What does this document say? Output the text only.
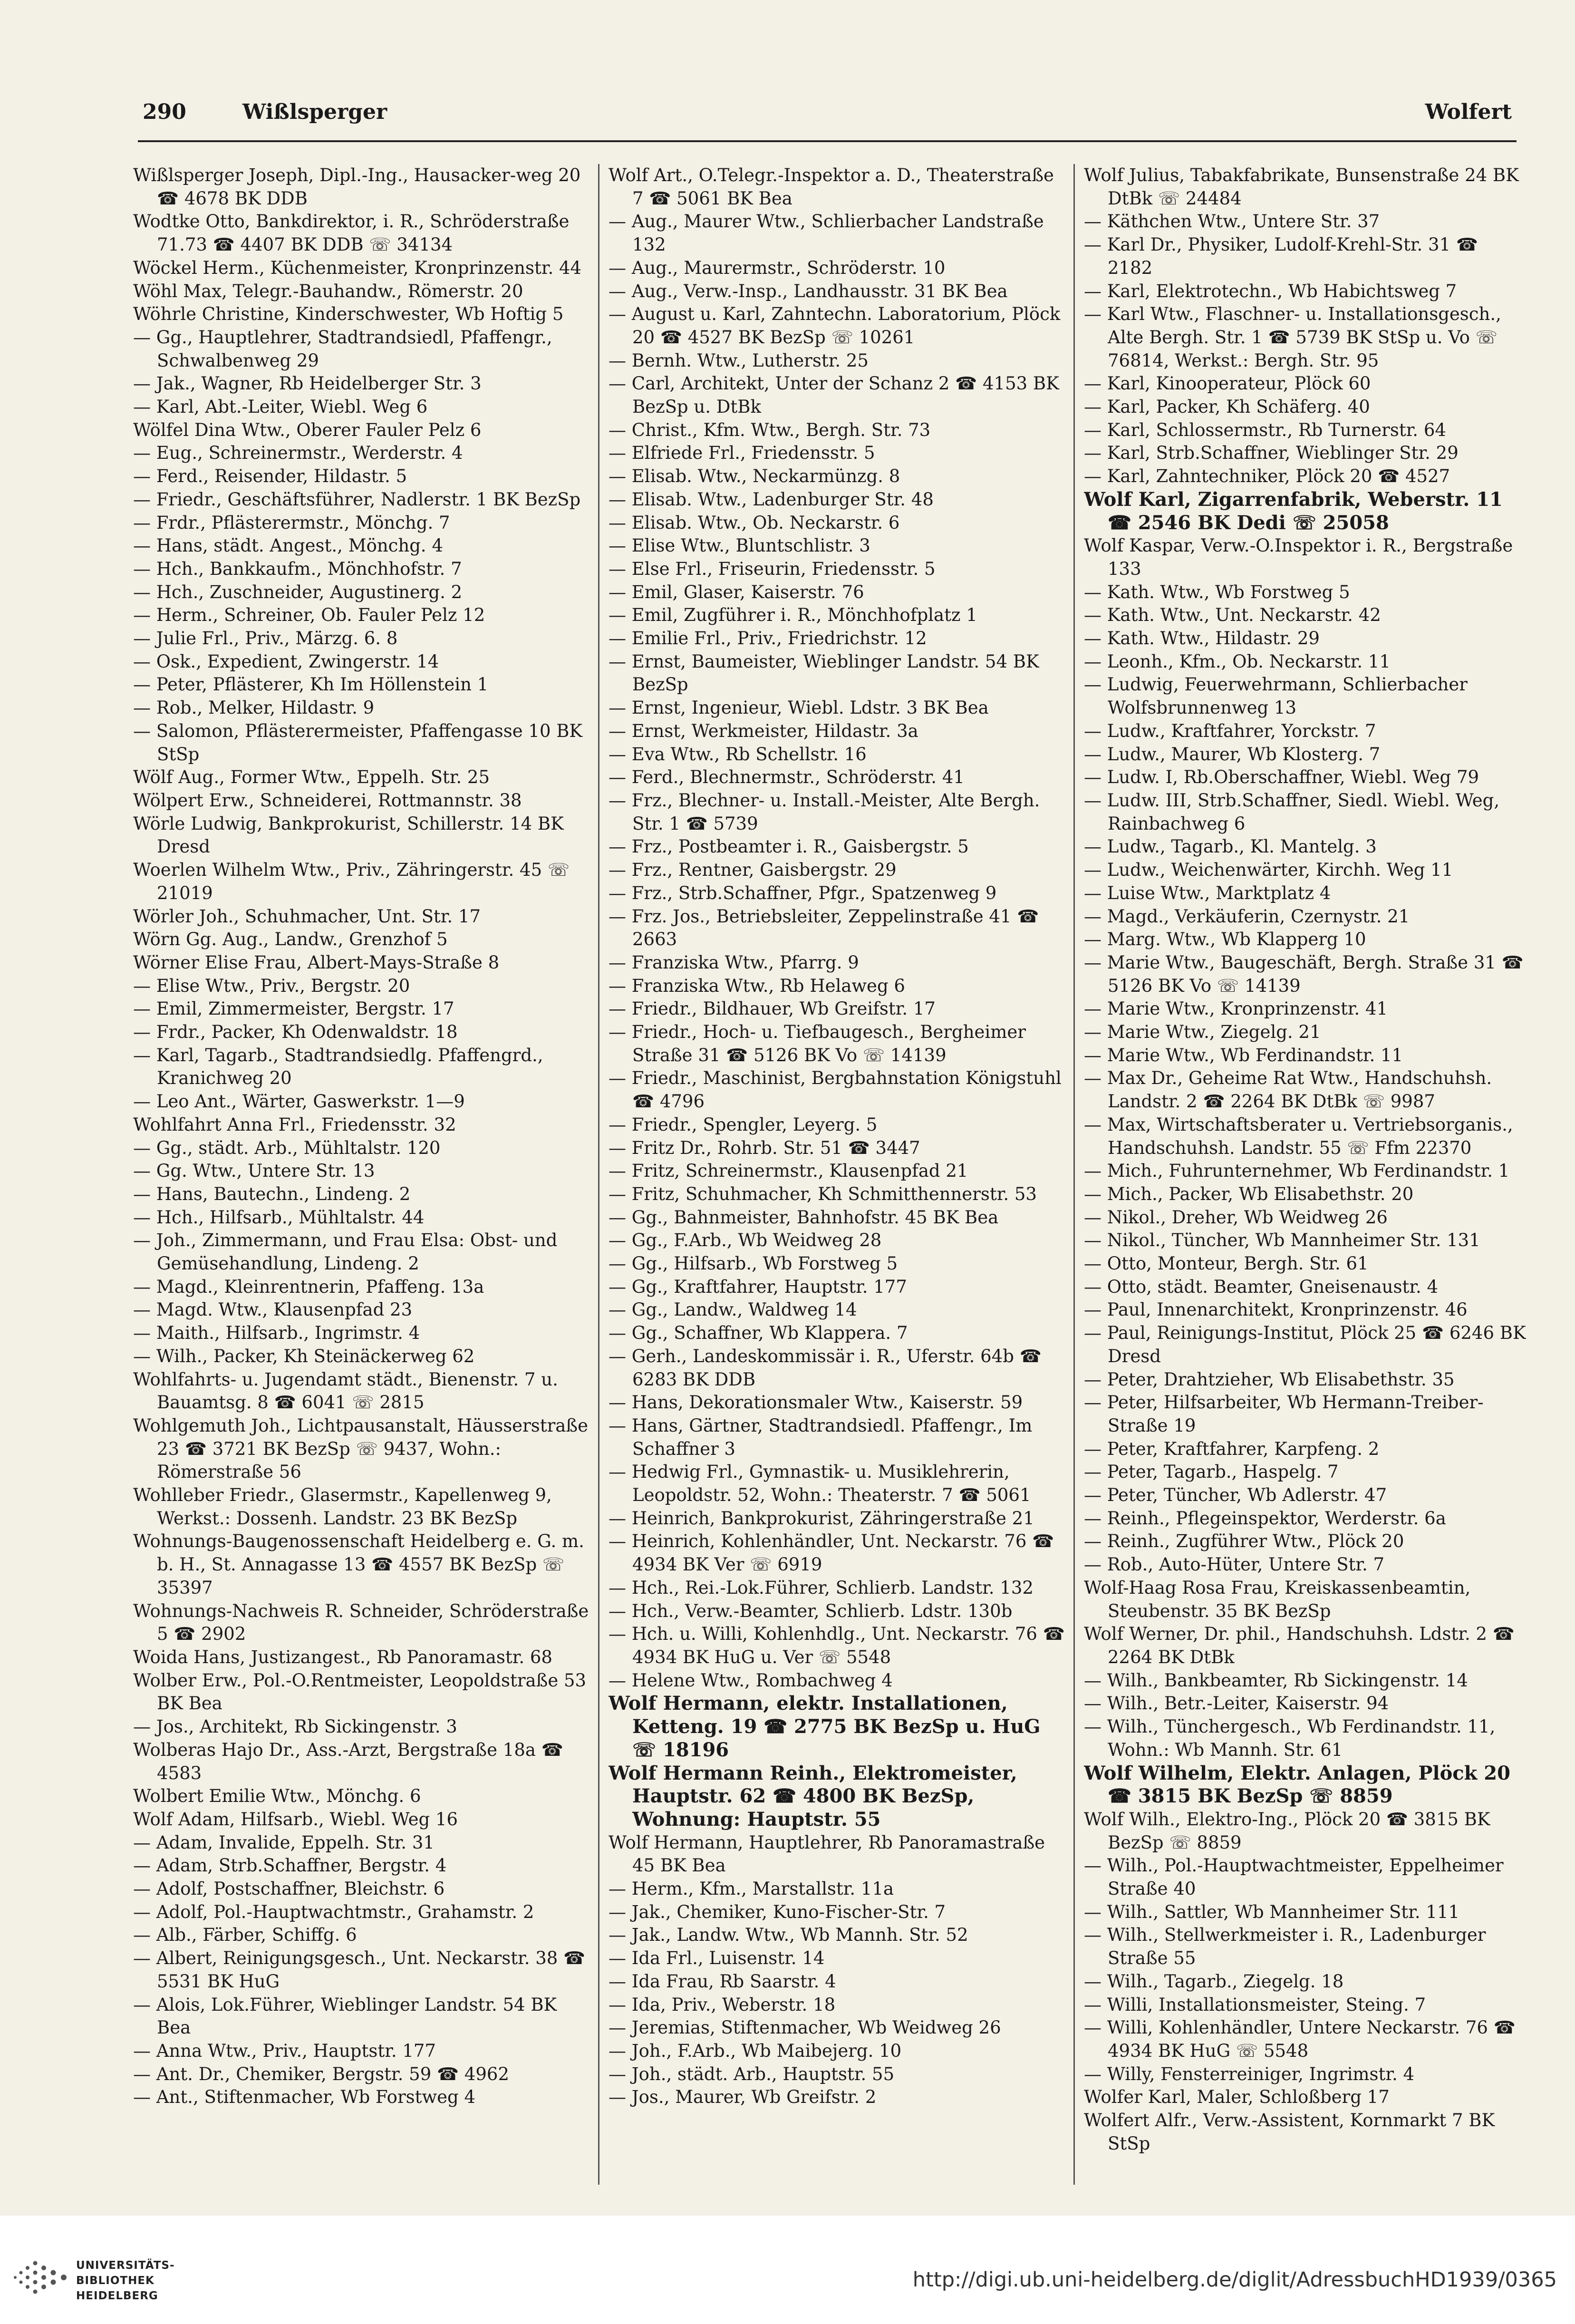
290	Wißlsperger	Wolfert

Wißlsperger Joseph, Dipl.-Ing., Hausacker-weg 20 ☎ 4678 BK DDB

Wodtke Otto, Bankdirektor, i. R., Schröderstraße 71.73 ☎ 4407 BK DDB ☏ 34134

Wöckel Herm., Küchenmeister, Kronprinzenstr. 44

Wöhl Max, Telegr.-Bauhandw., Römerstr. 20

Wöhrle Christine, Kinderschwester, Wb Hoftig 5

— Gg., Hauptlehrer, Stadtrandsiedl, Pfaffengr., Schwalbenweg 29

— Jak., Wagner, Rb Heidelberger Str. 3

— Karl, Abt.-Leiter, Wiebl. Weg 6

Wölfel Dina Wtw., Oberer Fauler Pelz 6

— Eug., Schreinermstr., Werderstr. 4

— Ferd., Reisender, Hildastr. 5

— Friedr., Geschäftsführer, Nadlerstr. 1 BK BezSp

— Frdr., Pflästerermstr., Mönchg. 7

— Hans, städt. Angest., Mönchg. 4

— Hch., Bankkaufm., Mönchhofstr. 7

— Hch., Zuschneider, Augustinerg. 2

— Herm., Schreiner, Ob. Fauler Pelz 12

— Julie Frl., Priv., Märzg. 6. 8

— Osk., Expedient, Zwingerstr. 14

— Peter, Pflästerer, Kh Im Höllenstein 1

— Rob., Melker, Hildastr. 9

— Salomon, Pflästerermeister, Pfaffengasse 10 BK StSp

Wölf Aug., Former Wtw., Eppelh. Str. 25

Wölpert Erw., Schneiderei, Rottmannstr. 38

Wörle Ludwig, Bankprokurist, Schillerstr. 14 BK Dresd

Woerlen Wilhelm Wtw., Priv., Zähringerstr. 45 ☏ 21019

Wörler Joh., Schuhmacher, Unt. Str. 17

Wörn Gg. Aug., Landw., Grenzhof 5

Wörner Elise Frau, Albert-Mays-Straße 8

— Elise Wtw., Priv., Bergstr. 20

— Emil, Zimmermeister, Bergstr. 17

— Frdr., Packer, Kh Odenwaldstr. 18

— Karl, Tagarb., Stadtrandsiedlg. Pfaffengrd., Kranichweg 20

— Leo Ant., Wärter, Gaswerkstr. 1—9

Wohlfahrt Anna Frl., Friedensstr. 32

— Gg., städt. Arb., Mühltalstr. 120

— Gg. Wtw., Untere Str. 13

— Hans, Bautechn., Lindeng. 2

— Hch., Hilfsarb., Mühltalstr. 44

— Joh., Zimmermann, und Frau Elsa: Obst- und Gemüsehandlung, Lindeng. 2

— Magd., Kleinrentnerin, Pfaffeng. 13a

— Magd. Wtw., Klausenpfad 23

— Maith., Hilfsarb., Ingrimstr. 4

— Wilh., Packer, Kh Steinäckerweg 62

Wohlfahrts- u. Jugendamt städt., Bienenstr. 7 u. Bauamtsg. 8 ☎ 6041 ☏ 2815

Wohlgemuth Joh., Lichtpausanstalt, Häusserstraße 23 ☎ 3721 BK BezSp ☏ 9437, Wohn.: Römerstraße 56

Wohlleber Friedr., Glasermstr., Kapellenweg 9, Werkst.: Dossenh. Landstr. 23 BK BezSp

Wohnungs-Baugenossenschaft Heidelberg e. G. m. b. H., St. Annagasse 13 ☎ 4557 BK BezSp ☏ 35397

Wohnungs-Nachweis R. Schneider, Schröderstraße 5 ☎ 2902

Woida Hans, Justizangest., Rb Panoramastr. 68

Wolber Erw., Pol.-O.Rentmeister, Leopoldstraße 53 BK Bea

— Jos., Architekt, Rb Sickingenstr. 3

Wolberas Hajo Dr., Ass.-Arzt, Bergstraße 18a ☎ 4583

Wolbert Emilie Wtw., Mönchg. 6

Wolf Adam, Hilfsarb., Wiebl. Weg 16

— Adam, Invalide, Eppelh. Str. 31

— Adam, Strb.Schaffner, Bergstr. 4

— Adolf, Postschaffner, Bleichstr. 6

— Adolf, Pol.-Hauptwachtmstr., Grahamstr. 2

— Alb., Färber, Schiffg. 6

— Albert, Reinigungsgesch., Unt. Neckarstr. 38 ☎ 5531 BK HuG

— Alois, Lok.Führer, Wieblinger Landstr. 54 BK Bea

— Anna Wtw., Priv., Hauptstr. 177

— Ant. Dr., Chemiker, Bergstr. 59 ☎ 4962

— Ant., Stiftenmacher, Wb Forstweg 4

Wolf Art., O.Telegr.-Inspektor a. D., Theaterstraße 7 ☎ 5061 BK Bea

— Aug., Maurer Wtw., Schlierbacher Landstraße 132

— Aug., Maurermstr., Schröderstr. 10

— Aug., Verw.-Insp., Landhausstr. 31 BK Bea

— August u. Karl, Zahntechn. Laboratorium, Plöck 20 ☎ 4527 BK BezSp ☏ 10261

— Bernh. Wtw., Lutherstr. 25

— Carl, Architekt, Unter der Schanz 2 ☎ 4153 BK BezSp u. DtBk

— Christ., Kfm. Wtw., Bergh. Str. 73

— Elfriede Frl., Friedensstr. 5

— Elisab. Wtw., Neckarmünzg. 8

— Elisab. Wtw., Ladenburger Str. 48

— Elisab. Wtw., Ob. Neckarstr. 6

— Elise Wtw., Bluntschlistr. 3

— Else Frl., Friseurin, Friedensstr. 5

— Emil, Glaser, Kaiserstr. 76

— Emil, Zugführer i. R., Mönchhofplatz 1

— Emilie Frl., Priv., Friedrichstr. 12

— Ernst, Baumeister, Wieblinger Landstr. 54 BK BezSp

— Ernst, Ingenieur, Wiebl. Ldstr. 3 BK Bea

— Ernst, Werkmeister, Hildastr. 3a

— Eva Wtw., Rb Schellstr. 16

— Ferd., Blechnermstr., Schröderstr. 41

— Frz., Blechner- u. Install.-Meister, Alte Bergh. Str. 1 ☎ 5739

— Frz., Postbeamter i. R., Gaisbergstr. 5

— Frz., Rentner, Gaisbergstr. 29

— Frz., Strb.Schaffner, Pfgr., Spatzenweg 9

— Frz. Jos., Betriebsleiter, Zeppelinstraße 41 ☎ 2663

— Franziska Wtw., Pfarrg. 9

— Franziska Wtw., Rb Helaweg 6

— Friedr., Bildhauer, Wb Greifstr. 17

— Friedr., Hoch- u. Tiefbaugesch., Bergheimer Straße 31 ☎ 5126 BK Vo ☏ 14139

— Friedr., Maschinist, Bergbahnstation Königstuhl ☎ 4796

— Friedr., Spengler, Leyerg. 5

— Fritz Dr., Rohrb. Str. 51 ☎ 3447

— Fritz, Schreinermstr., Klausenpfad 21

— Fritz, Schuhmacher, Kh Schmitthennerstr. 53

— Gg., Bahnmeister, Bahnhofstr. 45 BK Bea

— Gg., F.Arb., Wb Weidweg 28

— Gg., Hilfsarb., Wb Forstweg 5

— Gg., Kraftfahrer, Hauptstr. 177

— Gg., Landw., Waldweg 14

— Gg., Schaffner, Wb Klappera. 7

— Gerh., Landeskommissär i. R., Uferstr. 64b ☎ 6283 BK DDB

— Hans, Dekorationsmaler Wtw., Kaiserstr. 59

— Hans, Gärtner, Stadtrandsiedl. Pfaffengr., Im Schaffner 3

— Hedwig Frl., Gymnastik- u. Musiklehrerin, Leopoldstr. 52, Wohn.: Theaterstr. 7 ☎ 5061

— Heinrich, Bankprokurist, Zähringerstraße 21

— Heinrich, Kohlenhändler, Unt. Neckarstr. 76 ☎ 4934 BK Ver ☏ 6919

— Hch., Rei.-Lok.Führer, Schlierb. Landstr. 132

— Hch., Verw.-Beamter, Schlierb. Ldstr. 130b

— Hch. u. Willi, Kohlenhdlg., Unt. Neckarstr. 76 ☎ 4934 BK HuG u. Ver ☏ 5548

— Helene Wtw., Rombachweg 4

Wolf Hermann, elektr. Installationen, Ketteng. 19 ☎ 2775 BK BezSp u. HuG ☏ 18196

Wolf Hermann Reinh., Elektromeister, Hauptstr. 62 ☎ 4800 BK BezSp, Wohnung: Hauptstr. 55

Wolf Hermann, Hauptlehrer, Rb Panoramastraße 45 BK Bea

— Herm., Kfm., Marstallstr. 11a

— Jak., Chemiker, Kuno-Fischer-Str. 7

— Jak., Landw. Wtw., Wb Mannh. Str. 52

— Ida Frl., Luisenstr. 14

— Ida Frau, Rb Saarstr. 4

— Ida, Priv., Weberstr. 18

— Jeremias, Stiftenmacher, Wb Weidweg 26

— Joh., F.Arb., Wb Maibejerg. 10

— Joh., städt. Arb., Hauptstr. 55

— Jos., Maurer, Wb Greifstr. 2

Wolf Julius, Tabakfabrikate, Bunsenstraße 24 BK DtBk ☏ 24484

— Käthchen Wtw., Untere Str. 37

— Karl Dr., Physiker, Ludolf-Krehl-Str. 31 ☎ 2182

— Karl, Elektrotechn., Wb Habichtsweg 7

— Karl Wtw., Flaschner- u. Installationsgesch., Alte Bergh. Str. 1 ☎ 5739 BK StSp u. Vo ☏ 76814, Werkst.: Bergh. Str. 95

— Karl, Kinooperateur, Plöck 60

— Karl, Packer, Kh Schäferg. 40

— Karl, Schlossermstr., Rb Turnerstr. 64

— Karl, Strb.Schaffner, Wieblinger Str. 29

— Karl, Zahntechniker, Plöck 20 ☎ 4527

Wolf Karl, Zigarrenfabrik, Weberstr. 11 ☎ 2546 BK Dedi ☏ 25058

Wolf Kaspar, Verw.-O.Inspektor i. R., Bergstraße 133

— Kath. Wtw., Wb Forstweg 5

— Kath. Wtw., Unt. Neckarstr. 42

— Kath. Wtw., Hildastr. 29

— Leonh., Kfm., Ob. Neckarstr. 11

— Ludwig, Feuerwehrmann, Schlierbacher Wolfsbrunnenweg 13

— Ludw., Kraftfahrer, Yorckstr. 7

— Ludw., Maurer, Wb Klosterg. 7

— Ludw. I, Rb.Oberschaffner, Wiebl. Weg 79

— Ludw. III, Strb.Schaffner, Siedl. Wiebl. Weg, Rainbachweg 6

— Ludw., Tagarb., Kl. Mantelg. 3

— Ludw., Weichenwärter, Kirchh. Weg 11

— Luise Wtw., Marktplatz 4

— Magd., Verkäuferin, Czernystr. 21

— Marg. Wtw., Wb Klapperg 10

— Marie Wtw., Baugeschäft, Bergh. Straße 31 ☎ 5126 BK Vo ☏ 14139

— Marie Wtw., Kronprinzenstr. 41

— Marie Wtw., Ziegelg. 21

— Marie Wtw., Wb Ferdinandstr. 11

— Max Dr., Geheime Rat Wtw., Handschuhsh. Landstr. 2 ☎ 2264 BK DtBk ☏ 9987

— Max, Wirtschaftsberater u. Vertriebsorganis., Handschuhsh. Landstr. 55 ☏ Ffm 22370

— Mich., Fuhrunternehmer, Wb Ferdinandstr. 1

— Mich., Packer, Wb Elisabethstr. 20

— Nikol., Dreher, Wb Weidweg 26

— Nikol., Tüncher, Wb Mannheimer Str. 131

— Otto, Monteur, Bergh. Str. 61

— Otto, städt. Beamter, Gneisenaustr. 4

— Paul, Innenarchitekt, Kronprinzenstr. 46

— Paul, Reinigungs-Institut, Plöck 25 ☎ 6246 BK Dresd

— Peter, Drahtzieher, Wb Elisabethstr. 35

— Peter, Hilfsarbeiter, Wb Hermann-Treiber-Straße 19

— Peter, Kraftfahrer, Karpfeng. 2

— Peter, Tagarb., Haspelg. 7

— Peter, Tüncher, Wb Adlerstr. 47

— Reinh., Pflegeinspektor, Werderstr. 6a

— Reinh., Zugführer Wtw., Plöck 20

— Rob., Auto-Hüter, Untere Str. 7

Wolf-Haag Rosa Frau, Kreiskassenbeamtin, Steubenstr. 35 BK BezSp

Wolf Werner, Dr. phil., Handschuhsh. Ldstr. 2 ☎ 2264 BK DtBk

— Wilh., Bankbeamter, Rb Sickingenstr. 14

— Wilh., Betr.-Leiter, Kaiserstr. 94

— Wilh., Tünchergesch., Wb Ferdinandstr. 11, Wohn.: Wb Mannh. Str. 61

Wolf Wilhelm, Elektr. Anlagen, Plöck 20 ☎ 3815 BK BezSp ☏ 8859

Wolf Wilh., Elektro-Ing., Plöck 20 ☎ 3815 BK BezSp ☏ 8859

— Wilh., Pol.-Hauptwachtmeister, Eppelheimer Straße 40

— Wilh., Sattler, Wb Mannheimer Str. 111

— Wilh., Stellwerkmeister i. R., Ladenburger Straße 55

— Wilh., Tagarb., Ziegelg. 18

— Willi, Installationsmeister, Steing. 7

— Willi, Kohlenhändler, Untere Neckarstr. 76 ☎ 4934 BK HuG ☏ 5548

— Willy, Fensterreiniger, Ingrimstr. 4

Wolfer Karl, Maler, Schloßberg 17

Wolfert Alfr., Verw.-Assistent, Kornmarkt 7 BK StSp

UNIVERSITÄTS-
BIBLIOTHEK
HEIDELBERG
http://digi.ub.uni-heidelberg.de/diglit/AdressbuchHD1939/0365
